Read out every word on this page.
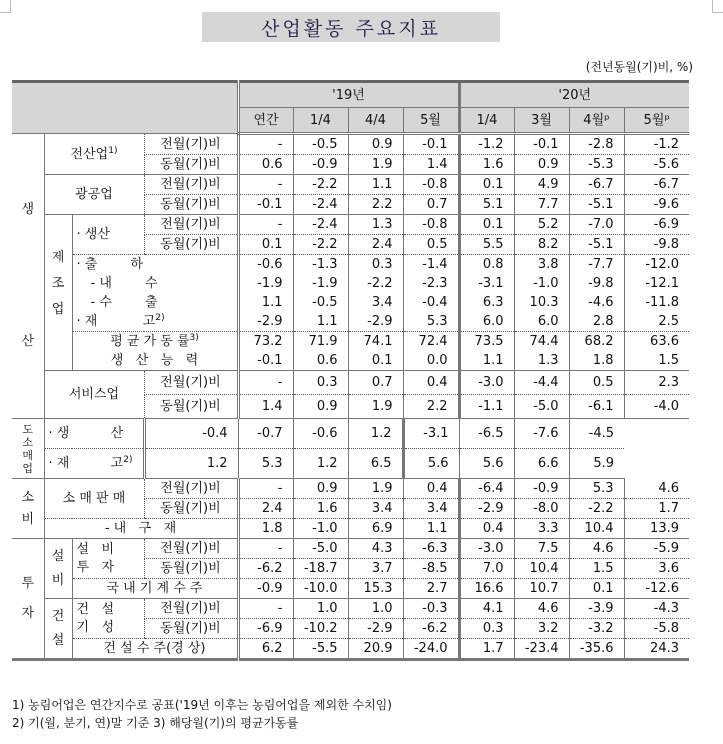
산업활동 주요지표
(전년동월(기)비, %)
				'19년				'20년			
				연간	1/4	4/4	5월	1/4	3월	4월ᵖ	5월ᵖ
생

산	전산업$^{1)}$		전월(기)비	-	-0.5	0.9	-0.1	-1.2	-0.1	-2.8	-1.2
			동월(기)비	0.6	-0.9	1.9	1.4	1.6	0.9	-5.3	-5.6
	광공업		전월(기)비	-	-2.2	1.1	-0.8	0.1	4.9	-6.7	-6.7
			동월(기)비	-0.1	-2.4	2.2	0.7	5.1	7.7	-5.1	-9.6
	제
조
업	· 생산	전월(기)비	-	-2.4	1.3	-0.8	0.1	5.2	-7.0	-6.9
			동월(기)비	0.1	-2.2	2.4	0.5	5.5	8.2	-5.1	-9.8
		· 출        하		-0.6	-1.3	0.3	-1.4	0.8	3.8	-7.7	-12.0
		- 내        수		-1.9	-1.9	-2.2	-2.3	-3.1	-1.0	-9.8	-12.1
		- 수        출		1.1	-0.5	3.4	-0.4	6.3	10.3	-4.6	-11.8
		· 재           고$^{2)}$		-2.9	1.1	-2.9	5.3	6.0	6.0	2.8	2.5
		평 균 가 동 률$^{3)}$		73.2	71.9	74.1	72.4	73.5	74.4	68.2	63.6
		생   산   능   력		-0.1	0.6	0.1	0.0	1.1	1.3	1.8	1.5
	서비스업		전월(기)비	-	0.3	0.7	0.4	-3.0	-4.4	0.5	2.3
			동월(기)비	1.4	0.9	1.9	2.2	-1.1	-5.0	-6.1	-4.0
도
소
매
업	· 생          산		-0.4	-0.7	-0.6	1.2	-3.1	-6.5	-7.6	-4.5	
	· 재          고$^{2)}$		1.2	5.3	1.2	6.5	5.6	5.6	6.6	5.9	
소
비	소 매 판 매		전월(기)비	-	0.9	1.9	0.4	-6.4	-0.9	5.3	4.6
			동월(기)비	2.4	1.6	3.4	3.4	-2.9	-8.0	-2.2	1.7
	- 내   구   재			1.8	-1.0	6.9	1.1	0.4	3.3	10.4	13.9
투
자	설
비	설   비
투   자	전월(기)비	-	-5.0	4.3	-6.3	-3.0	7.5	4.6	-5.9
			동월(기)비	-6.2	-18.7	3.7	-8.5	7.0	10.4	1.5	3.6
		국 내 기 계 수 주		-0.9	-10.0	15.3	2.7	16.6	10.7	0.1	-12.6
	건
설	건   설
기   성	전월(기)비	-	1.0	1.0	-0.3	4.1	4.6	-3.9	-4.3
			동월(기)비	-6.9	-10.2	-2.9	-6.2	0.3	3.2	-3.2	-5.8
		건 설 수 주(경 상)		6.2	-5.5	20.9	-24.0	1.7	-23.4	-35.6	24.3
1) 농림어업은 연간지수로 공표('19년 이후는 농림어업을 제외한 수치임)
2) 기(월, 분기, 연)말 기준 3) 해당월(기)의 평균가동률
